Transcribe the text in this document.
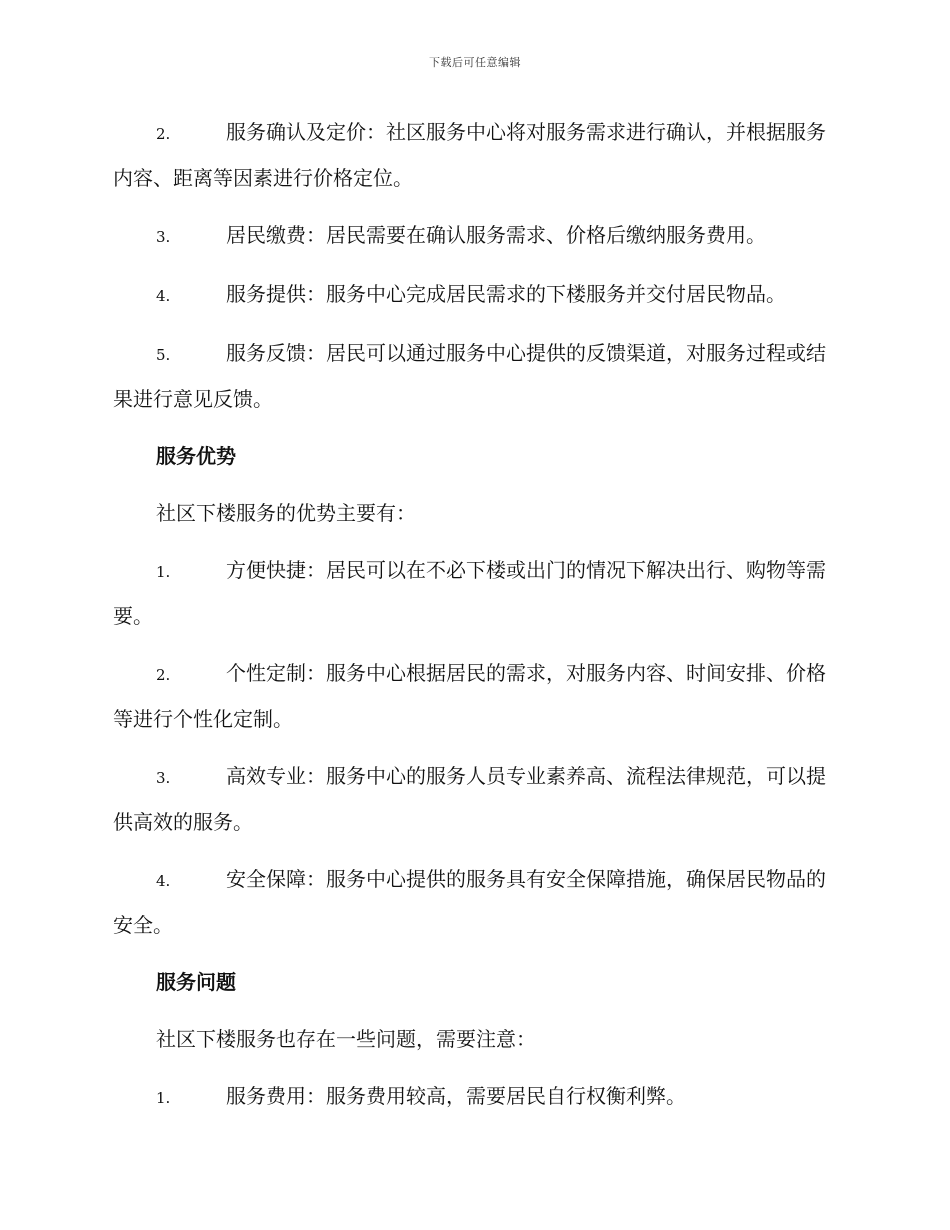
下载后可任意编辑

2.	服务确认及定价：社区服务中心将对服务需求进行确认，并根据服务内容、距离等因素进行价格定位。

3.	居民缴费：居民需要在确认服务需求、价格后缴纳服务费用。

4.	服务提供：服务中心完成居民需求的下楼服务并交付居民物品。

5.	服务反馈：居民可以通过服务中心提供的反馈渠道，对服务过程或结果进行意见反馈。

服务优势

社区下楼服务的优势主要有：

1.	方便快捷：居民可以在不必下楼或出门的情况下解决出行、购物等需要。

2.	个性定制：服务中心根据居民的需求，对服务内容、时间安排、价格等进行个性化定制。

3.	高效专业：服务中心的服务人员专业素养高、流程法律规范，可以提供高效的服务。

4.	安全保障：服务中心提供的服务具有安全保障措施，确保居民物品的安全。

服务问题

社区下楼服务也存在一些问题，需要注意：

1.	服务费用：服务费用较高，需要居民自行权衡利弊。
